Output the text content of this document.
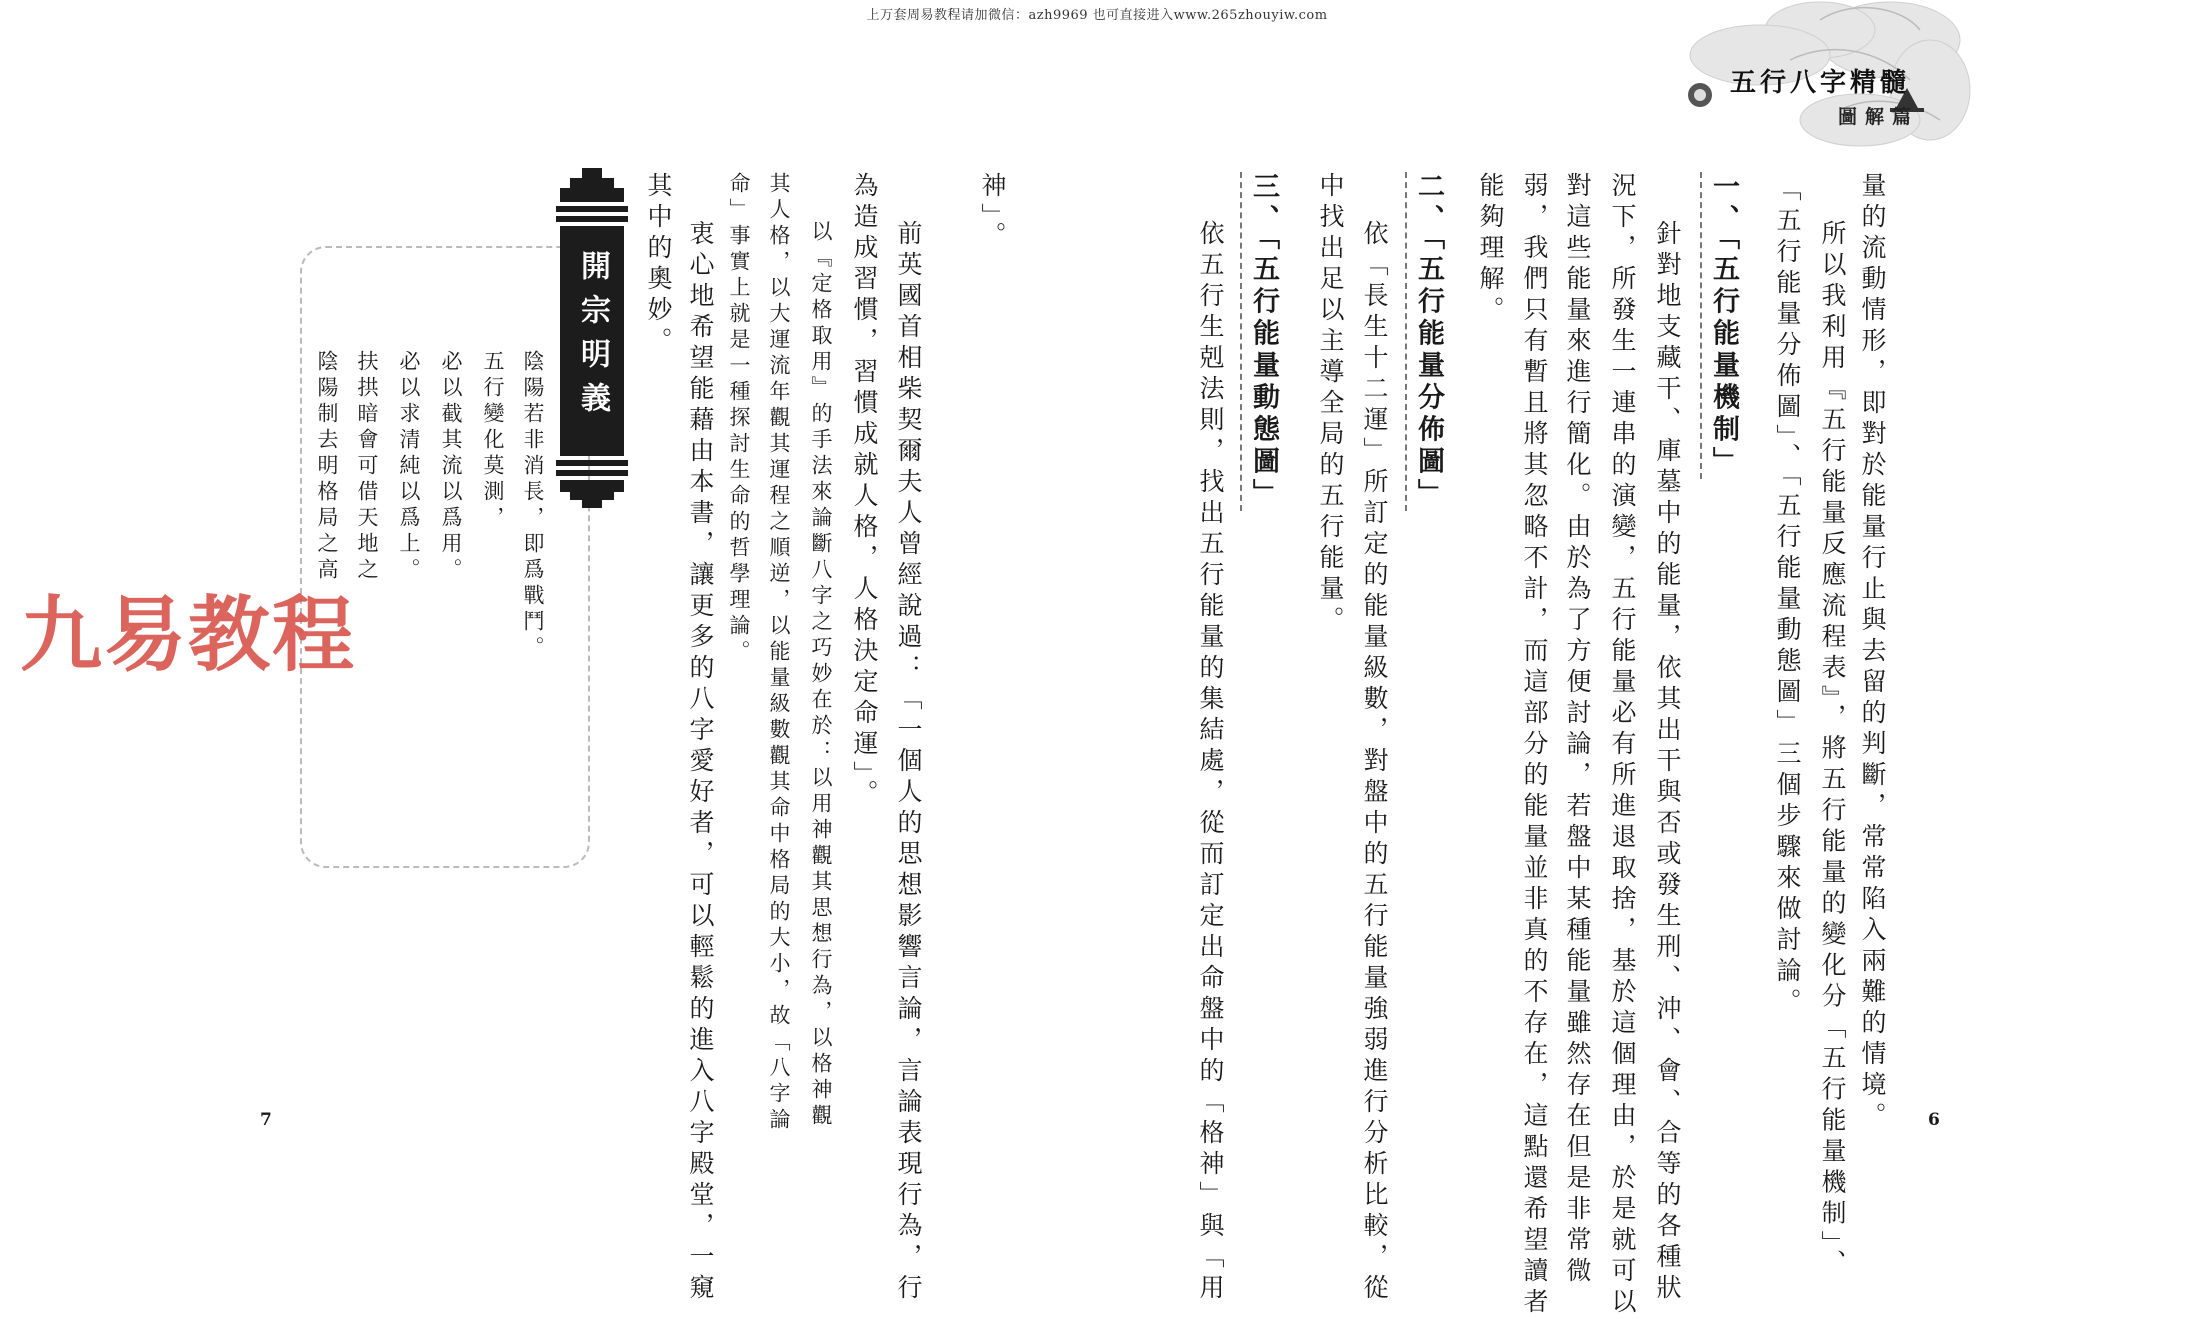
上万套周易教程请加微信：azh9969 也可直接进入www.265zhouyiw.com
五行八字精髓
圖解篇
量的流動情形，即對於能量行止與去留的判斷，常常陷入兩難的情境。
所以我利用『五行能量反應流程表』，將五行能量的變化分「五行能量機制」、
「五行能量分佈圖」、「五行能量動態圖」三個步驟來做討論。
一、「五行能量機制」
針對地支藏干、庫墓中的能量，依其出干與否或發生刑、沖、會、合等的各種狀
況下，所發生一連串的演變，五行能量必有所進退取捨，基於這個理由，於是就可以
對這些能量來進行簡化。由於為了方便討論，若盤中某種能量雖然存在但是非常微
弱，我們只有暫且將其忽略不計，而這部分的能量並非真的不存在，這點還希望讀者
能夠理解。
二、「五行能量分佈圖」
依「長生十二運」所訂定的能量級數，對盤中的五行能量強弱進行分析比較，從
中找出足以主導全局的五行能量。
三、「五行能量動態圖」
依五行生剋法則，找出五行能量的集結處，從而訂定出命盤中的「格神」與「用
神」。
6
前英國首相柴契爾夫人曾經說過：「一個人的思想影響言論，言論表現行為，行
為造成習慣，習慣成就人格，人格決定命運」。
以『定格取用』的手法來論斷八字之巧妙在於：以用神觀其思想行為，以格神觀
其人格，以大運流年觀其運程之順逆，以能量級數觀其命中格局的大小，故「八字論
命」事實上就是一種探討生命的哲學理論。
衷心地希望能藉由本書，讓更多的八字愛好者，可以輕鬆的進入八字殿堂，一窺
其中的奧妙。
開宗明義
陰陽若非消長，即爲戰鬥。
五行變化莫測，
必以截其流以爲用。
必以求清純以爲上。
扶拱暗會可借天地之
陰陽制去明格局之高
7
九易教程
